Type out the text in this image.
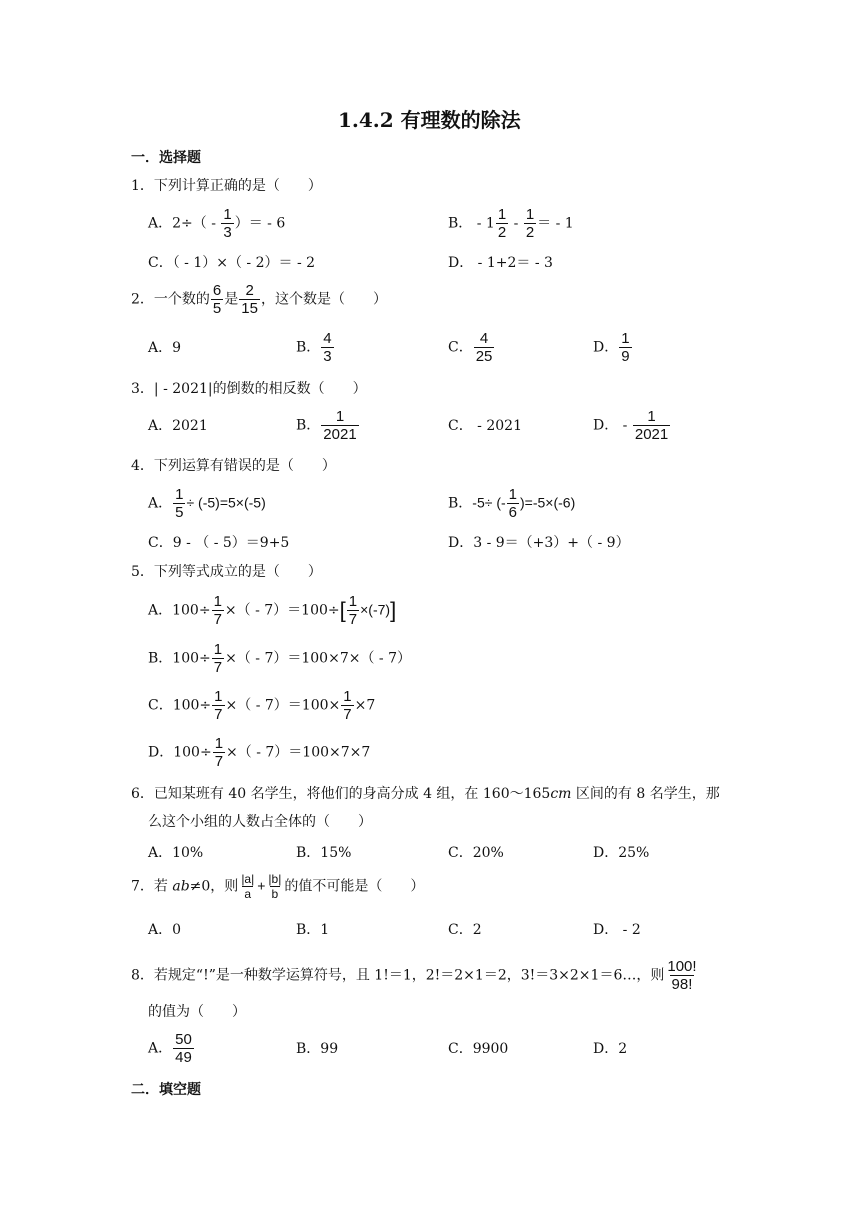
1.4.2 有理数的除法
一．选择题
1．下列计算正确的是（　　）
A．$2\div( - \frac{1}{3}$ ）＝ - 6	B． - $1 \frac{1}{2} - \frac{1}{2}$ ＝ - 1
C．（ - 1）×（ - 2）＝ - 2	D． - 1+2＝ - 3
2．一个数的 $\frac{6}{5}$ 是 $\frac{2}{15}$ ，这个数是（　　）
A．9	B． $\frac{4}{3}$	C． $\frac{4}{25}$	D． $\frac{1}{9}$
3．| - 2021|的倒数的相反数（　　）
A．2021	B． $\frac{1}{2021}$	C． - 2021	D． - $\frac{1}{2021}$
4．下列运算有错误的是（　　）
A． $\frac{1}{5} \div (-5)=5\times(-5)$	B．-5÷ (- $\frac{1}{6} )=-5\times(-6)$
C．9 - （ - 5）＝9+5	D．3 - 9＝（+3）+（ - 9）
5．下列等式成立的是（　　）
A．$100\div \frac{1}{7}$ ×（ - $7)=100\div[ \frac{1}{7} \times(-7)]$
B．$100\div \frac{1}{7}$ ×（ - 7）＝100×7×（ - 7）
C．$100\div \frac{1}{7}$ ×（ - $7)=100\times \frac{1}{7} \times 7$
D．$100\div \frac{1}{7}$ ×（ - 7）＝100×7×7
6．已知某班有 40 名学生，将他们的身高分成 4 组，在 160～165cm 区间的有 8 名学生，那
么这个小组的人数占全体的（　　）
A．10%	B．15%	C．20%	D．25%
7．若 ab≠0，则 $\frac{|a|}{a} + \frac{|b|}{b}$ 的值不可能是（　　）
A．0	B．1	C．2	D． - 2
8．若规定“!”是一种数学运算符号，且 1!＝1，2!＝2×1＝2，3!＝3×2×1＝6…，则 $\frac{100!}{98!}$
的值为（　　）
A． $\frac{50}{49}$	B．99	C．9900	D．2
二．填空题
